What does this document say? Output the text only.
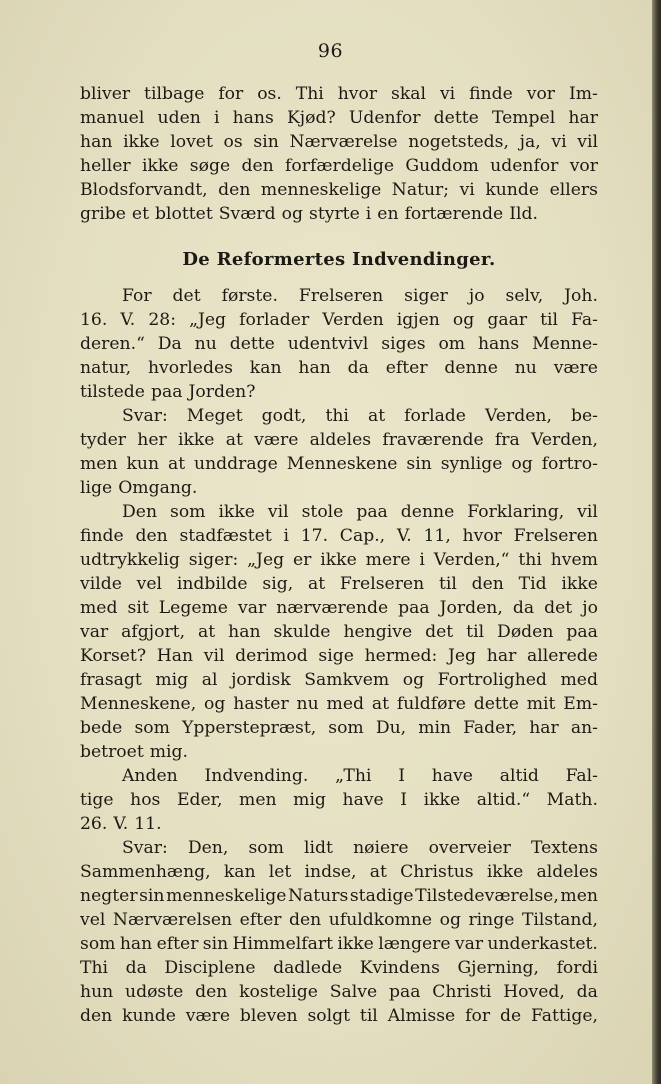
96
bliver tilbage for os. Thi hvor skal vi finde vor Im-
manuel uden i hans Kjød? Udenfor dette Tempel har
han ikke lovet os sin Nærværelse nogetsteds, ja, vi vil
heller ikke søge den forfærdelige Guddom udenfor vor
Blodsforvandt, den menneskelige Natur; vi kunde ellers
gribe et blottet Sværd og styrte i en fortærende Ild.
De Reformertes Indvendinger.
For det første. Frelseren siger jo selv, Joh.
16. V. 28: „Jeg forlader Verden igjen og gaar til Fa-
deren.“ Da nu dette udentvivl siges om hans Menne-
natur, hvorledes kan han da efter denne nu være
tilstede paa Jorden?
Svar: Meget godt, thi at forlade Verden, be-
tyder her ikke at være aldeles fraværende fra Verden,
men kun at unddrage Menneskene sin synlige og fortro-
lige Omgang.
Den som ikke vil stole paa denne Forklaring, vil
finde den stadfæstet i 17. Cap., V. 11, hvor Frelseren
udtrykkelig siger: „Jeg er ikke mere i Verden,“ thi hvem
vilde vel indbilde sig, at Frelseren til den Tid ikke
med sit Legeme var nærværende paa Jorden, da det jo
var afgjort, at han skulde hengive det til Døden paa
Korset? Han vil derimod sige hermed: Jeg har allerede
frasagt mig al jordisk Samkvem og Fortrolighed med
Menneskene, og haster nu med at fuldføre dette mit Em-
bede som Ypperstepræst, som Du, min Fader, har an-
betroet mig.
Anden Indvending. „Thi I have altid Fal-
tige hos Eder, men mig have I ikke altid.“ Math.
26. V. 11.
Svar: Den, som lidt nøiere overveier Textens
Sammenhæng, kan let indse, at Christus ikke aldeles
negter sin menneskelige Naturs stadige Tilstedeværelse, men
vel Nærværelsen efter den ufuldkomne og ringe Tilstand,
som han efter sin Himmelfart ikke længere var underkastet.
Thi da Disciplene dadlede Kvindens Gjerning, fordi
hun udøste den kostelige Salve paa Christi Hoved, da
den kunde være bleven solgt til Almisse for de Fattige,
